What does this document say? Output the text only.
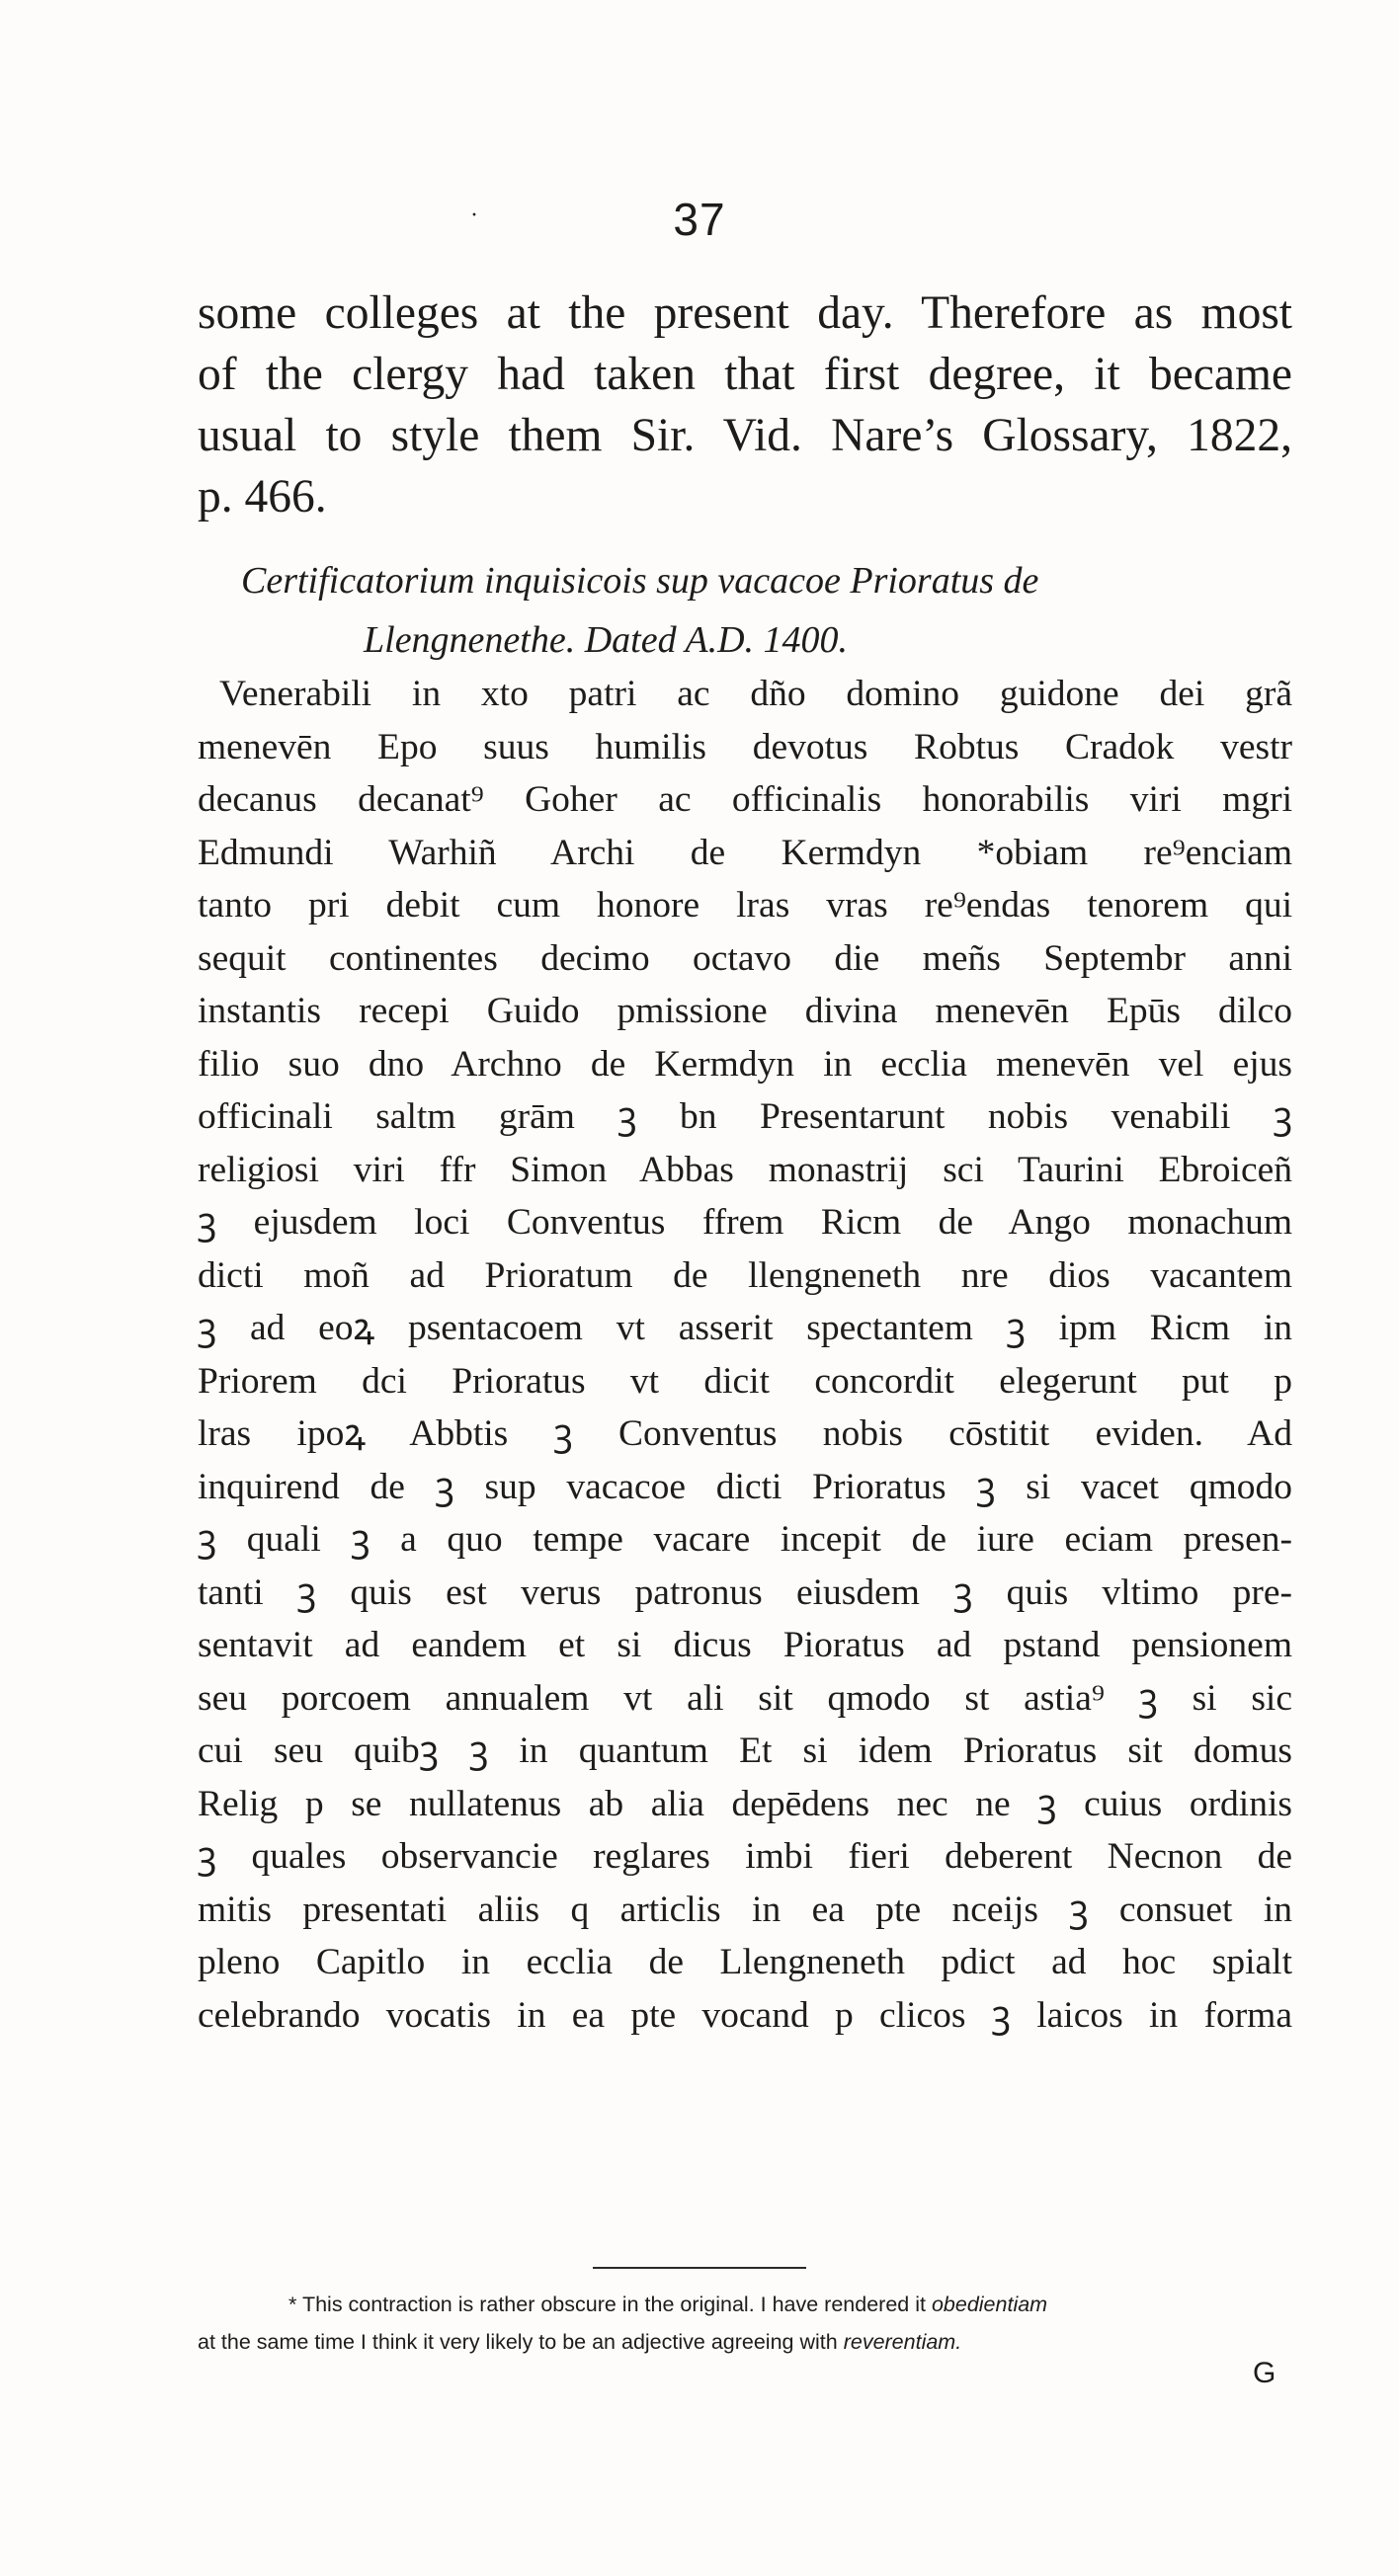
·	37
some colleges at the present day. Therefore as most
of the clergy had taken that first degree, it became
usual to style them Sir. Vid. Nare’s Glossary, 1822,
p. 466.
Certificatorium inquisicois sup vacacoe Prioratus de
Llengnenethe. Dated A.D. 1400.
Venerabili in xto patri ac dño domino guidone dei grã
menevēn Epo suus humilis devotus Robtus Cradok vestr
decanus decanat⁹ Goher ac officinalis honorabilis viri mgri
Edmundi Warhiñ Archi de Kermdyn *obiam re⁹enciam
tanto pri debit cum honore lras vras re⁹endas tenorem qui
sequit continentes decimo octavo die meñs Septembr anni
instantis recepi Guido pmissione divina menevēn Epūs dilco
filio suo dno Archno de Kermdyn in ecclia menevēn vel ejus
officinali saltm grām ꝫ bn Presentarunt nobis venabili ꝫ
religiosi viri ffr Simon Abbas monastrij sci Taurini Ebroiceñ
ꝫ ejusdem loci Conventus ffrem Ricm de Ango monachum
dicti moñ ad Prioratum de llengneneth nre dios vacantem
ꝫ ad eoꝝ psentacoem vt asserit spectantem ꝫ ipm Ricm in
Priorem dci Prioratus vt dicit concordit elegerunt put p
lras ipoꝝ Abbtis ꝫ Conventus nobis cōstitit eviden. Ad
inquirend de ꝫ sup vacacoe dicti Prioratus ꝫ si vacet qmodo
ꝫ quali ꝫ a quo tempe vacare incepit de iure eciam presen-
tanti ꝫ quis est verus patronus eiusdem ꝫ quis vltimo pre-
sentavit ad eandem et si dicus Pioratus ad pstand pensionem
seu porcoem annualem vt ali sit qmodo st astia⁹ ꝫ si sic
cui seu quibꝫ ꝫ in quantum Et si idem Prioratus sit domus
Relig p se nullatenus ab alia depēdens nec ne ꝫ cuius ordinis
ꝫ quales observancie reglares imbi fieri deberent Necnon de
mitis presentati aliis q articlis in ea pte nceijs ꝫ consuet in
pleno Capitlo in ecclia de Llengneneth pdict ad hoc spialt
celebrando vocatis in ea pte vocand p clicos ꝫ laicos in forma
* This contraction is rather obscure in the original. I have rendered it obedientiam
at the same time I think it very likely to be an adjective agreeing with reverentiam.
G
